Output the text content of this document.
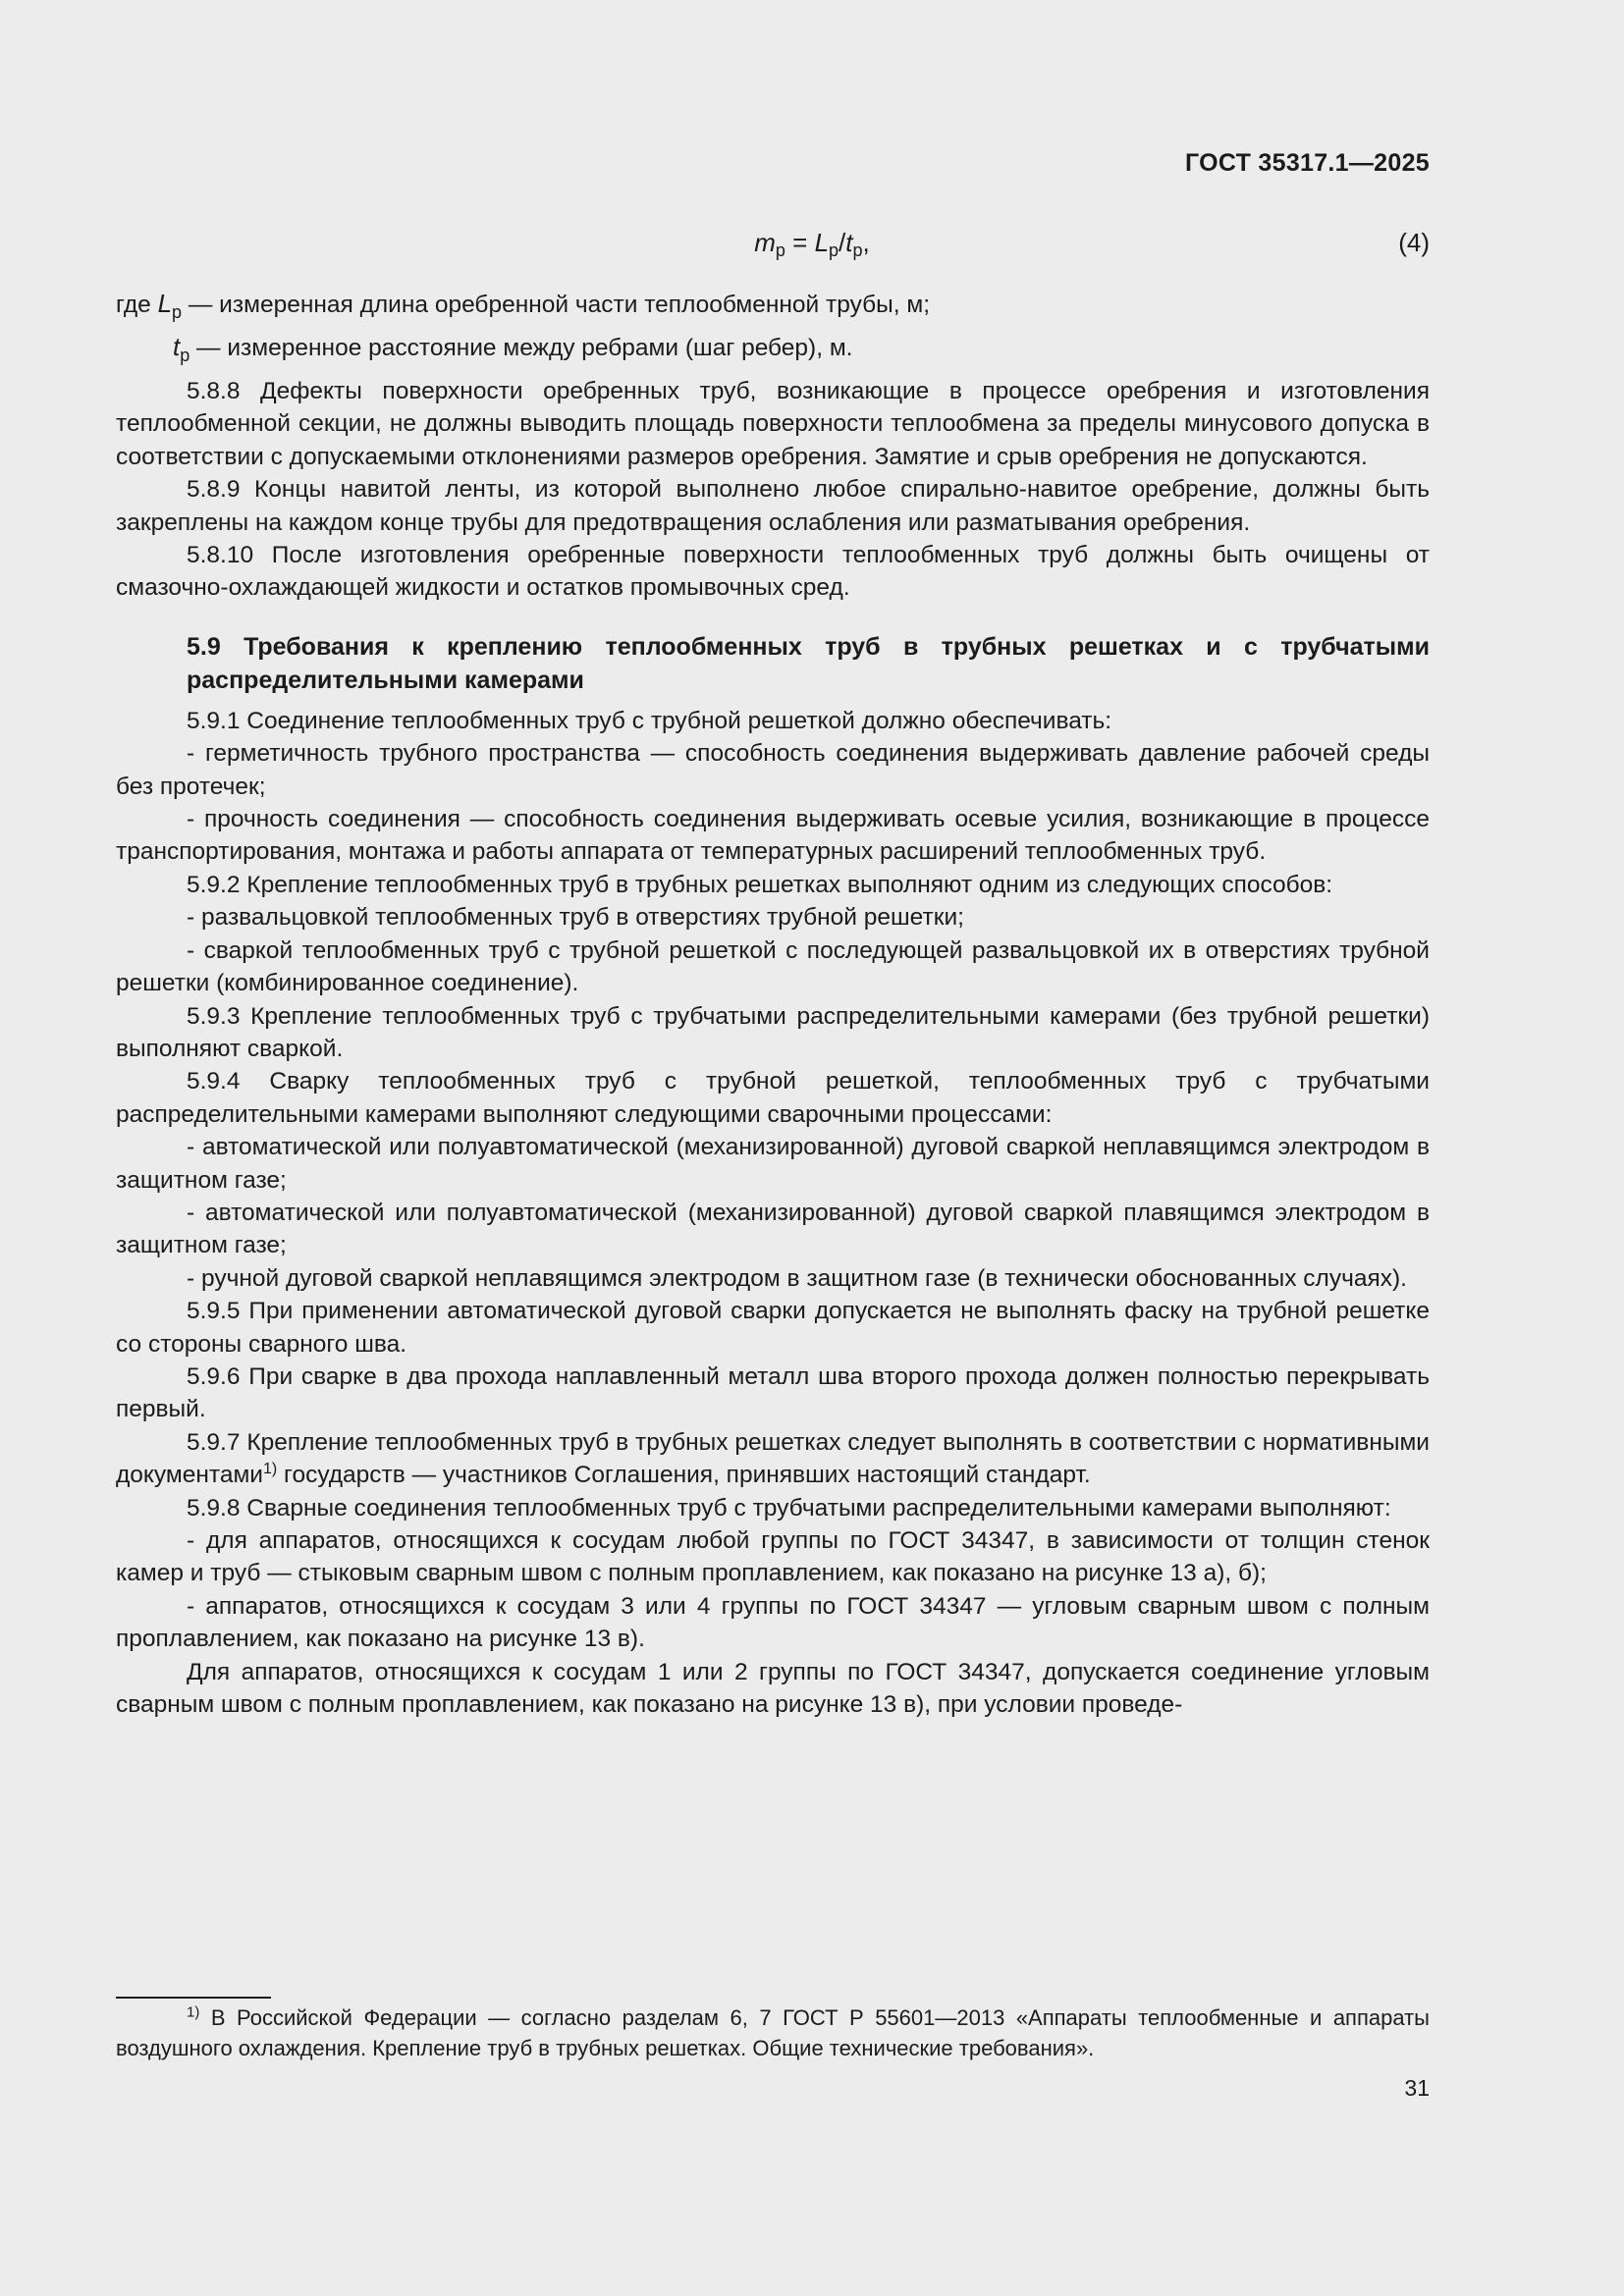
ГОСТ 35317.1—2025
$m_р = L_р/t_р$,	(4)
где $L_р$ — измеренная длина оребренной части теплообменной трубы, м;
$t_р$ — измеренное расстояние между ребрами (шаг ребер), м.

5.8.8 Дефекты поверхности оребренных труб, возникающие в процессе оребрения и изготовления теплообменной секции, не должны выводить площадь поверхности теплообмена за пределы минусового допуска в соответствии с допускаемыми отклонениями размеров оребрения. Замятие и срыв оребрения не допускаются.

5.8.9 Концы навитой ленты, из которой выполнено любое спирально-навитое оребрение, должны быть закреплены на каждом конце трубы для предотвращения ослабления или разматывания оребрения.

5.8.10 После изготовления оребренные поверхности теплообменных труб должны быть очищены от смазочно-охлаждающей жидкости и остатков промывочных сред.

5.9 Требования к креплению теплообменных труб в трубных решетках и с трубчатыми распределительными камерами

5.9.1 Соединение теплообменных труб с трубной решеткой должно обеспечивать:

- герметичность трубного пространства — способность соединения выдерживать давление рабочей среды без протечек;

- прочность соединения — способность соединения выдерживать осевые усилия, возникающие в процессе транспортирования, монтажа и работы аппарата от температурных расширений теплообменных труб.

5.9.2 Крепление теплообменных труб в трубных решетках выполняют одним из следующих способов:

- развальцовкой теплообменных труб в отверстиях трубной решетки;

- сваркой теплообменных труб с трубной решеткой с последующей развальцовкой их в отверстиях трубной решетки (комбинированное соединение).

5.9.3 Крепление теплообменных труб с трубчатыми распределительными камерами (без трубной решетки) выполняют сваркой.

5.9.4 Сварку теплообменных труб с трубной решеткой, теплообменных труб с трубчатыми распределительными камерами выполняют следующими сварочными процессами:

- автоматической или полуавтоматической (механизированной) дуговой сваркой неплавящимся электродом в защитном газе;

- автоматической или полуавтоматической (механизированной) дуговой сваркой плавящимся электродом в защитном газе;

- ручной дуговой сваркой неплавящимся электродом в защитном газе (в технически обоснованных случаях).

5.9.5 При применении автоматической дуговой сварки допускается не выполнять фаску на трубной решетке со стороны сварного шва.

5.9.6 При сварке в два прохода наплавленный металл шва второго прохода должен полностью перекрывать первый.

5.9.7 Крепление теплообменных труб в трубных решетках следует выполнять в соответствии с нормативными документами$^{1)}$ государств — участников Соглашения, принявших настоящий стандарт.

5.9.8 Сварные соединения теплообменных труб с трубчатыми распределительными камерами выполняют:

- для аппаратов, относящихся к сосудам любой группы по ГОСТ 34347, в зависимости от толщин стенок камер и труб — стыковым сварным швом с полным проплавлением, как показано на рисунке 13 а), б);

- аппаратов, относящихся к сосудам 3 или 4 группы по ГОСТ 34347 — угловым сварным швом с полным проплавлением, как показано на рисунке 13 в).

Для аппаратов, относящихся к сосудам 1 или 2 группы по ГОСТ 34347, допускается соединение угловым сварным швом с полным проплавлением, как показано на рисунке 13 в), при условии проведе-

$^{1)}$ В Российской Федерации — согласно разделам 6, 7 ГОСТ Р 55601—2013 «Аппараты теплообменные и аппараты воздушного охлаждения. Крепление труб в трубных решетках. Общие технические требования».

31
